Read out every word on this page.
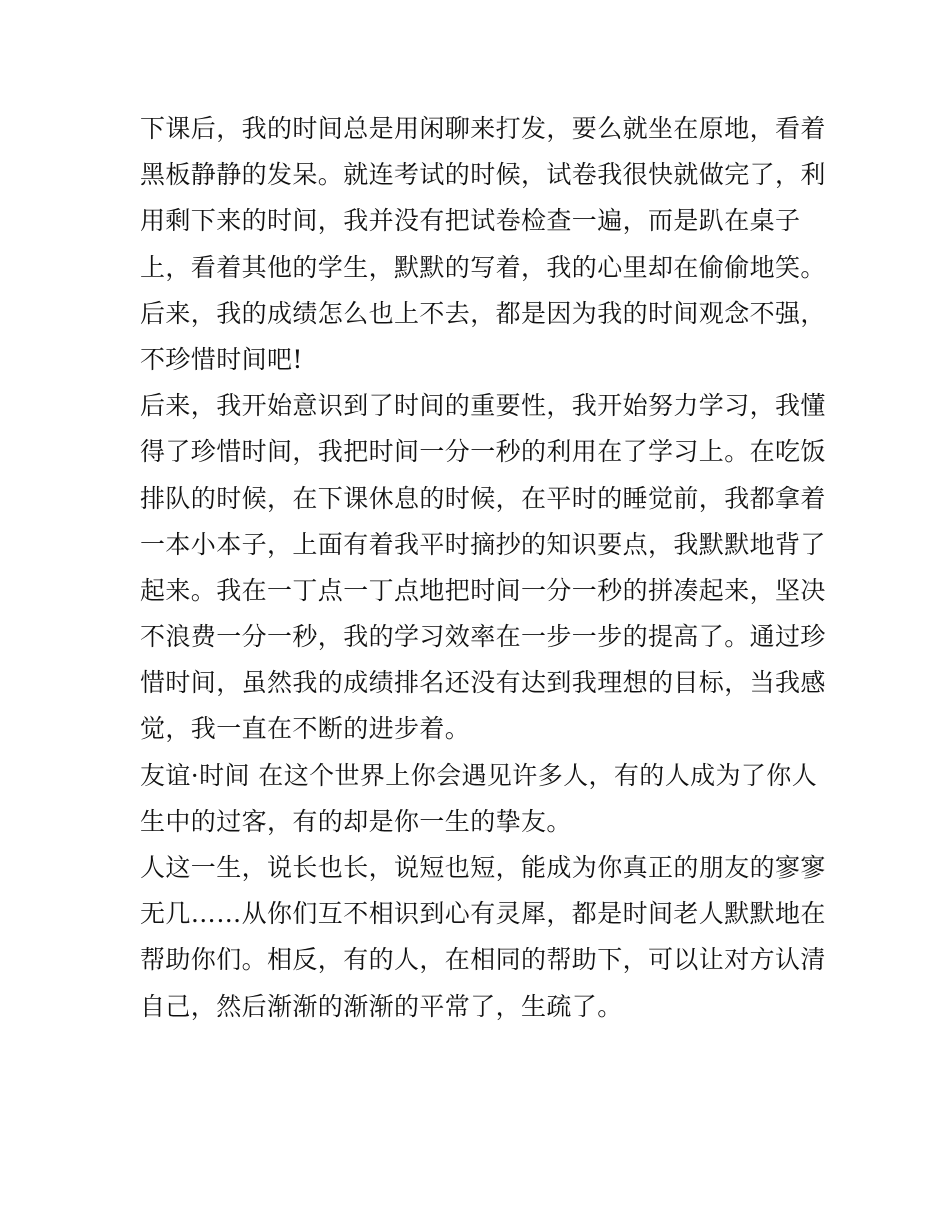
下课后，我的时间总是用闲聊来打发，要么就坐在原地，看着
黑板静静的发呆。就连考试的时候，试卷我很快就做完了，利
用剩下来的时间，我并没有把试卷检查一遍，而是趴在桌子
上，看着其他的学生，默默的写着，我的心里却在偷偷地笑。
后来，我的成绩怎么也上不去，都是因为我的时间观念不强，
不珍惜时间吧!
后来，我开始意识到了时间的重要性，我开始努力学习，我懂
得了珍惜时间，我把时间一分一秒的利用在了学习上。在吃饭
排队的时候，在下课休息的时候，在平时的睡觉前，我都拿着
一本小本子，上面有着我平时摘抄的知识要点，我默默地背了
起来。我在一丁点一丁点地把时间一分一秒的拼凑起来，坚决
不浪费一分一秒，我的学习效率在一步一步的提高了。通过珍
惜时间，虽然我的成绩排名还没有达到我理想的目标，当我感
觉，我一直在不断的进步着。
友谊·时间 在这个世界上你会遇见许多人，有的人成为了你人
生中的过客，有的却是你一生的挚友。
人这一生，说长也长，说短也短，能成为你真正的朋友的寥寥
无几……从你们互不相识到心有灵犀，都是时间老人默默地在
帮助你们。相反，有的人，在相同的帮助下，可以让对方认清
自己，然后渐渐的渐渐的平常了，生疏了。
